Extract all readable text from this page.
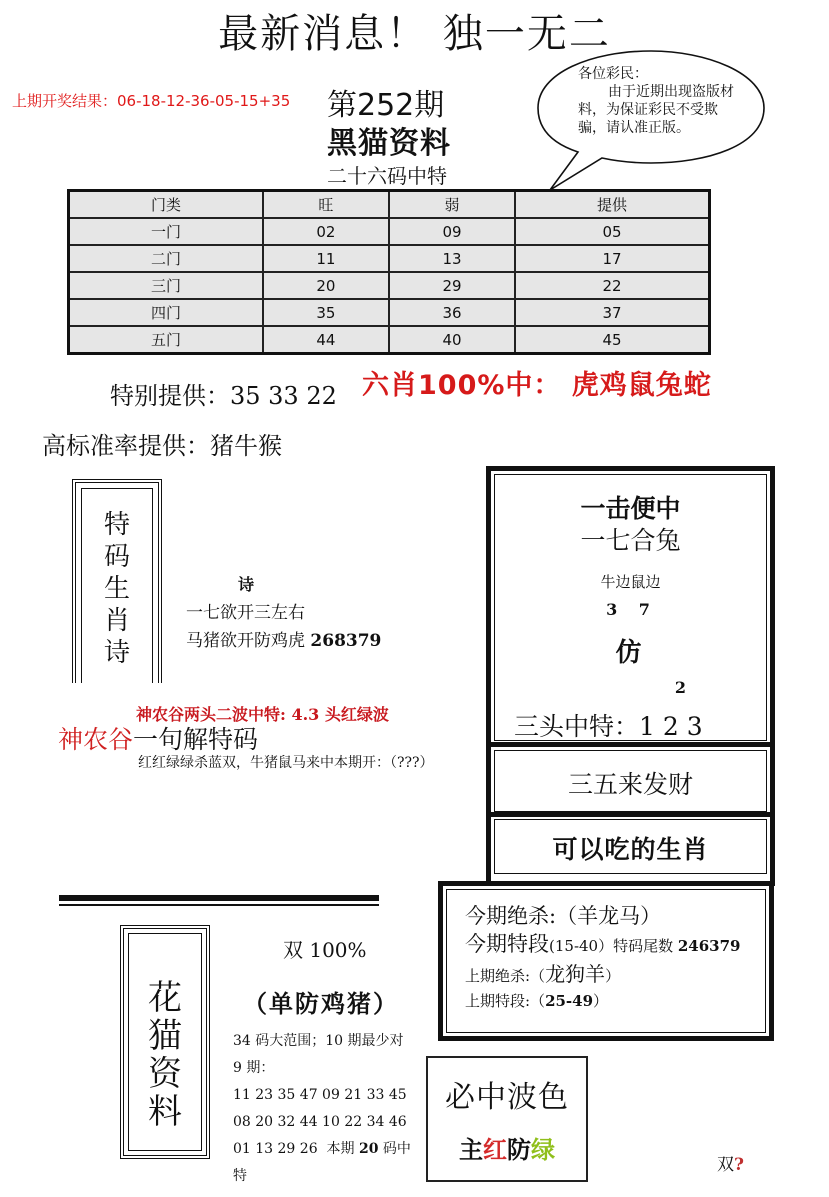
最新消息！ 独一无二
上期开奖结果：06-18-12-36-05-15+35 第252期
黑猫资料
二十六码中特
各位彩民：
由于近期出现盗版材料，为保证彩民不受欺骗，请认准正版。
门类	旺	弱	提供
一门	02	09	05
二门	11	13	17
三门	20	29	22
四门	35	36	37
五门	44	40	45
特别提供：35 33 22 六肖100%中： 虎鸡鼠兔蛇
高标准率提供：猪牛猴
特
码
生
肖
诗
诗
一七欲开三左右
马猪欲开防鸡虎 268379
一击便中
一七合兔
牛边鼠边
3　 7
仿
2
三头中特：1 2 3
三五来发财
可以吃的生肖
神农谷两头二波中特: 4.3 头红绿波
神农谷一句解特码
红红绿绿杀蓝双，牛猪鼠马来中本期开：（???）
花
猫
资
料
双 100%
（单防鸡猪）
34 码大范围；10 期最少对
9 期：
11 23 35 47 09 21 33 45
08 20 32 44 10 22 34 46
01 13 29 26  本期 20 码中
特
今期绝杀:（羊龙马）
今期特段(15-40）特码尾数 246379
上期绝杀:（龙狗羊）
上期特段:（25-49）
必中波色
主红防绿
双?
